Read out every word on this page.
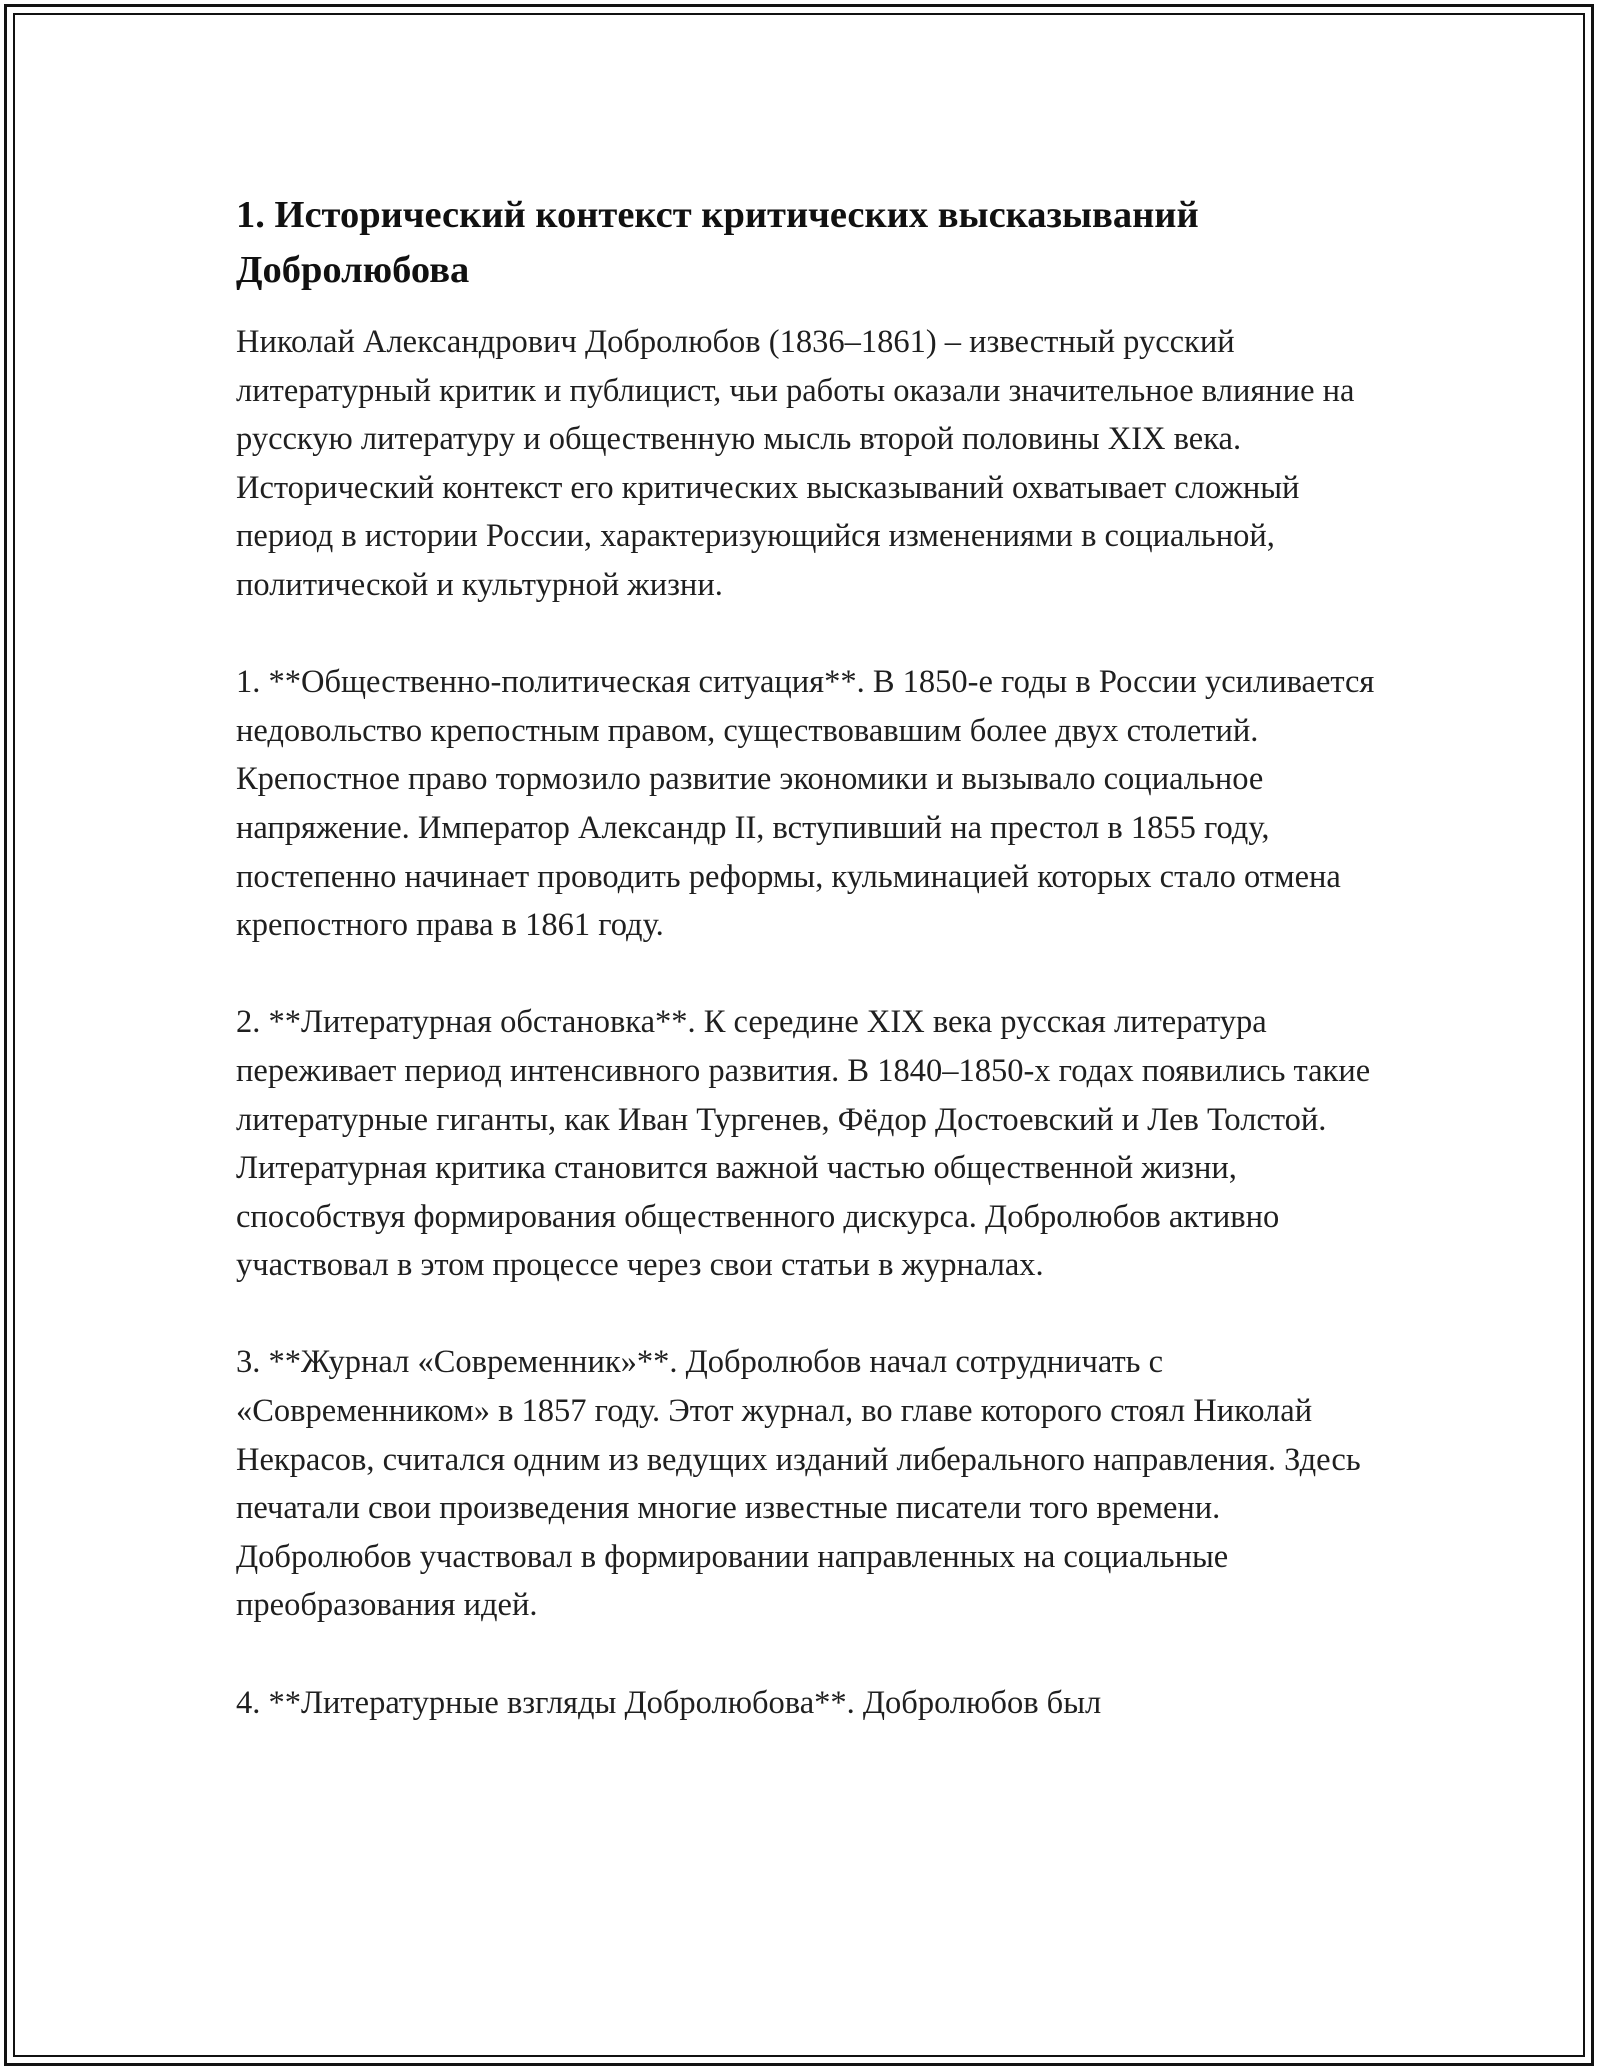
1. Исторический контекст критических высказываний Добролюбова

Николай Александрович Добролюбов (1836–1861) – известный русский литературный критик и публицист, чьи работы оказали значительное влияние на русскую литературу и общественную мысль второй половины XIX века. Исторический контекст его критических высказываний охватывает сложный период в истории России, характеризующийся изменениями в социальной, политической и культурной жизни.

1. **Общественно-политическая ситуация**. В 1850-е годы в России усиливается недовольство крепостным правом, существовавшим более двух столетий. Крепостное право тормозило развитие экономики и вызывало социальное напряжение. Император Александр II, вступивший на престол в 1855 году, постепенно начинает проводить реформы, кульминацией которых стало отмена крепостного права в 1861 году.

2. **Литературная обстановка**. К середине XIX века русская литература переживает период интенсивного развития. В 1840–1850-х годах появились такие литературные гиганты, как Иван Тургенев, Фёдор Достоевский и Лев Толстой. Литературная критика становится важной частью общественной жизни, способствуя формирования общественного дискурса. Добролюбов активно участвовал в этом процессе через свои статьи в журналах.

3. **Журнал «Современник»**. Добролюбов начал сотрудничать с «Современником» в 1857 году. Этот журнал, во главе которого стоял Николай Некрасов, считался одним из ведущих изданий либерального направления. Здесь печатали свои произведения многие известные писатели того времени. Добролюбов участвовал в формировании направленных на социальные преобразования идей.

4. **Литературные взгляды Добролюбова**. Добролюбов был
